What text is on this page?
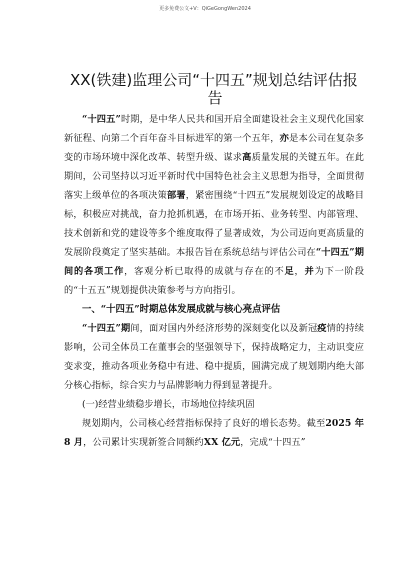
更多免费公文+V：QiGeGongWen2024
XX(铁建)监理公司“十四五”规划总结评估报
告

“十四五”时期，是中华人民共和国开启全面建设社会主义现代化国家新征程、向第二个百年奋斗目标进军的第一个五年，亦是本公司在复杂多变的市场环境中深化改革、转型升级、谋求高质量发展的关键五年。在此期间，公司坚持以习近平新时代中国特色社会主义思想为指导，全面贯彻落实上级单位的各项决策部署，紧密围绕“十四五”发展规划设定的战略目标，积极应对挑战，奋力抢抓机遇，在市场开拓、业务转型、内部管理、技术创新和党的建设等多个维度取得了显著成效，为公司迈向更高质量的发展阶段奠定了坚实基础。本报告旨在系统总结与评估公司在“十四五”期间的各项工作，客观分析已取得的成就与存在的不足，并为下一阶段的“十五五”规划提供决策参考与方向指引。

一、“十四五”时期总体发展成就与核心亮点评估

“十四五”期间，面对国内外经济形势的深刻变化以及新冠疫情的持续影响，公司全体员工在董事会的坚强领导下，保持战略定力，主动识变应变求变，推动各项业务稳中有进、稳中提质，圆满完成了规划期内绝大部分核心指标，综合实力与品牌影响力得到显著提升。

(一)经营业绩稳步增长，市场地位持续巩固

规划期内，公司核心经营指标保持了良好的增长态势。截至2025 年 8 月，公司累计实现新签合同额约XX 亿元，完成“十四五”
